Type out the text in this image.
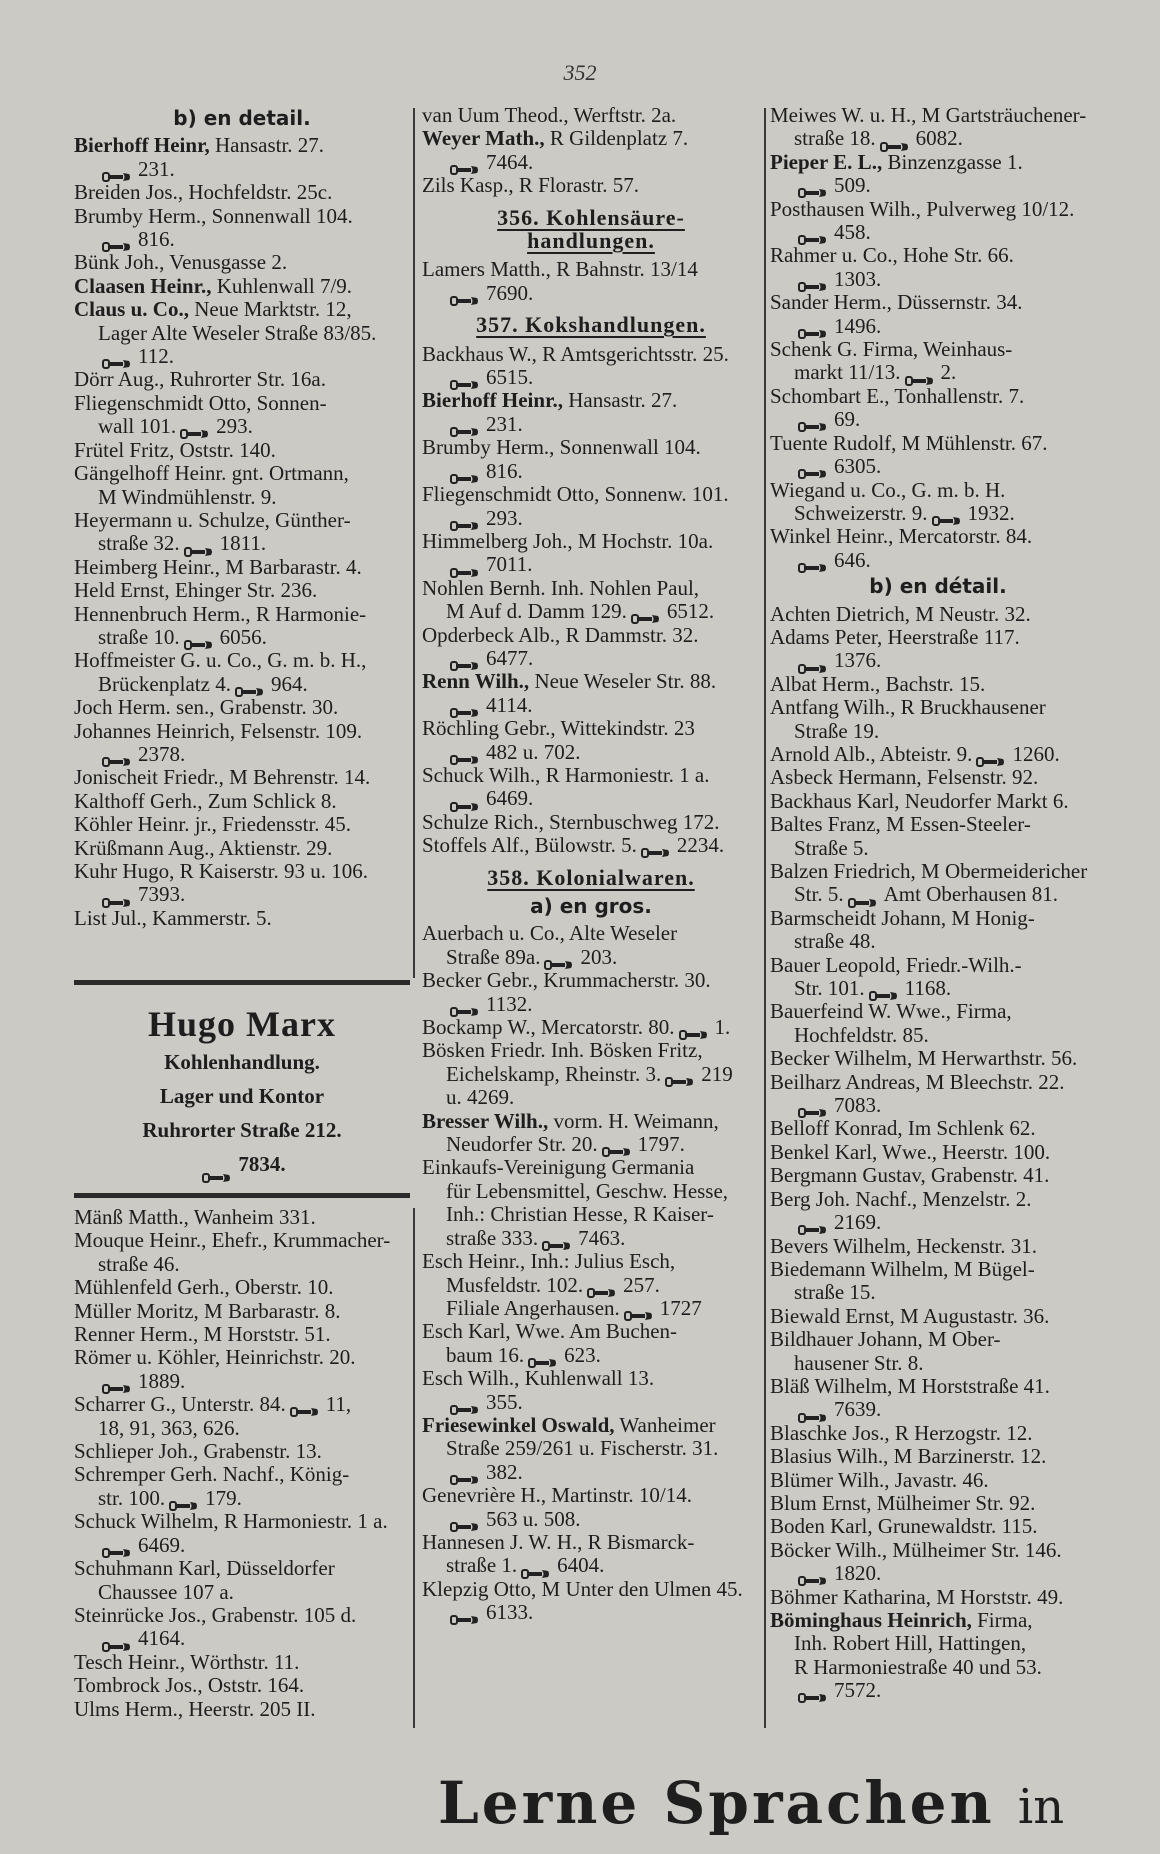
352
b) en detail.
Bierhoff Heinr, Hansastr. 27.
231.
Breiden Jos., Hochfeldstr. 25c.
Brumby Herm., Sonnenwall 104.
816.
Bünk Joh., Venusgasse 2.
Claasen Heinr., Kuhlenwall 7/9.
Claus u. Co., Neue Marktstr. 12,
Lager Alte Weseler Straße 83/85.
112.
Dörr Aug., Ruhrorter Str. 16a.
Fliegenschmidt Otto, Sonnen-
wall 101. 293.
Frütel Fritz, Oststr. 140.
Gängelhoff Heinr. gnt. Ortmann,
M Windmühlenstr. 9.
Heyermann u. Schulze, Günther-
straße 32. 1811.
Heimberg Heinr., M Barbarastr. 4.
Held Ernst, Ehinger Str. 236.
Hennenbruch Herm., R Harmonie-
straße 10. 6056.
Hoffmeister G. u. Co., G. m. b. H.,
Brückenplatz 4. 964.
Joch Herm. sen., Grabenstr. 30.
Johannes Heinrich, Felsenstr. 109.
2378.
Jonischeit Friedr., M Behrenstr. 14.
Kalthoff Gerh., Zum Schlick 8.
Köhler Heinr. jr., Friedensstr. 45.
Krüßmann Aug., Aktienstr. 29.
Kuhr Hugo, R Kaiserstr. 93 u. 106.
7393.
List Jul., Kammerstr. 5.
Hugo Marx
Kohlenhandlung.
Lager und Kontor
Ruhrorter Straße 212.
7834.
Mänß Matth., Wanheim 331.
Mouque Heinr., Ehefr., Krummacher-
straße 46.
Mühlenfeld Gerh., Oberstr. 10.
Müller Moritz, M Barbarastr. 8.
Renner Herm., M Horststr. 51.
Römer u. Köhler, Heinrichstr. 20.
1889.
Scharrer G., Unterstr. 84. 11,
18, 91, 363, 626.
Schlieper Joh., Grabenstr. 13.
Schremper Gerh. Nachf., König-
str. 100. 179.
Schuck Wilhelm, R Harmoniestr. 1 a.
6469.
Schuhmann Karl, Düsseldorfer
Chaussee 107 a.
Steinrücke Jos., Grabenstr. 105 d.
4164.
Tesch Heinr., Wörthstr. 11.
Tombrock Jos., Oststr. 164.
Ulms Herm., Heerstr. 205 II.
van Uum Theod., Werftstr. 2a.
Weyer Math., R Gildenplatz 7.
7464.
Zils Kasp., R Florastr. 57.
356. Kohlensäure-
handlungen.
Lamers Matth., R Bahnstr. 13/14
7690.
357. Kokshandlungen.
Backhaus W., R Amtsgerichtsstr. 25.
6515.
Bierhoff Heinr., Hansastr. 27.
231.
Brumby Herm., Sonnenwall 104.
816.
Fliegenschmidt Otto, Sonnenw. 101.
293.
Himmelberg Joh., M Hochstr. 10a.
7011.
Nohlen Bernh. Inh. Nohlen Paul,
M Auf d. Damm 129. 6512.
Opderbeck Alb., R Dammstr. 32.
6477.
Renn Wilh., Neue Weseler Str. 88.
4114.
Röchling Gebr., Wittekindstr. 23
482 u. 702.
Schuck Wilh., R Harmoniestr. 1 a.
6469.
Schulze Rich., Sternbuschweg 172.
Stoffels Alf., Bülowstr. 5. 2234.
358. Kolonialwaren.
a) en gros.
Auerbach u. Co., Alte Weseler
Straße 89a. 203.
Becker Gebr., Krummacherstr. 30.
1132.
Bockamp W., Mercatorstr. 80. 1.
Bösken Friedr. Inh. Bösken Fritz,
Eichelskamp, Rheinstr. 3. 219
u. 4269.
Bresser Wilh., vorm. H. Weimann,
Neudorfer Str. 20. 1797.
Einkaufs-Vereinigung Germania
für Lebensmittel, Geschw. Hesse,
Inh.: Christian Hesse, R Kaiser-
straße 333. 7463.
Esch Heinr., Inh.: Julius Esch,
Musfeldstr. 102. 257.
Filiale Angerhausen. 1727
Esch Karl, Wwe. Am Buchen-
baum 16. 623.
Esch Wilh., Kuhlenwall 13.
355.
Friesewinkel Oswald, Wanheimer
Straße 259/261 u. Fischerstr. 31.
382.
Genevrière H., Martinstr. 10/14.
563 u. 508.
Hannesen J. W. H., R Bismarck-
straße 1. 6404.
Klepzig Otto, M Unter den Ulmen 45.
6133.
Meiwes W. u. H., M Gartsträuchener-
straße 18. 6082.
Pieper E. L., Binzenzgasse 1.
509.
Posthausen Wilh., Pulverweg 10/12.
458.
Rahmer u. Co., Hohe Str. 66.
1303.
Sander Herm., Düssernstr. 34.
1496.
Schenk G. Firma, Weinhaus-
markt 11/13. 2.
Schombart E., Tonhallenstr. 7.
69.
Tuente Rudolf, M Mühlenstr. 67.
6305.
Wiegand u. Co., G. m. b. H.
Schweizerstr. 9. 1932.
Winkel Heinr., Mercatorstr. 84.
646.
b) en détail.
Achten Dietrich, M Neustr. 32.
Adams Peter, Heerstraße 117.
1376.
Albat Herm., Bachstr. 15.
Antfang Wilh., R Bruckhausener
Straße 19.
Arnold Alb., Abteistr. 9. 1260.
Asbeck Hermann, Felsenstr. 92.
Backhaus Karl, Neudorfer Markt 6.
Baltes Franz, M Essen-Steeler-
Straße 5.
Balzen Friedrich, M Obermeidericher
Str. 5. Amt Oberhausen 81.
Barmscheidt Johann, M Honig-
straße 48.
Bauer Leopold, Friedr.-Wilh.-
Str. 101. 1168.
Bauerfeind W. Wwe., Firma,
Hochfeldstr. 85.
Becker Wilhelm, M Herwarthstr. 56.
Beilharz Andreas, M Bleechstr. 22.
7083.
Belloff Konrad, Im Schlenk 62.
Benkel Karl, Wwe., Heerstr. 100.
Bergmann Gustav, Grabenstr. 41.
Berg Joh. Nachf., Menzelstr. 2.
2169.
Bevers Wilhelm, Heckenstr. 31.
Biedemann Wilhelm, M Bügel-
straße 15.
Biewald Ernst, M Augustastr. 36.
Bildhauer Johann, M Ober-
hausener Str. 8.
Bläß Wilhelm, M Horststraße 41.
7639.
Blaschke Jos., R Herzogstr. 12.
Blasius Wilh., M Barzinerstr. 12.
Blümer Wilh., Javastr. 46.
Blum Ernst, Mülheimer Str. 92.
Boden Karl, Grunewaldstr. 115.
Böcker Wilh., Mülheimer Str. 146.
1820.
Böhmer Katharina, M Horststr. 49.
Böminghaus Heinrich, Firma,
Inh. Robert Hill, Hattingen,
R Harmoniestraße 40 und 53.
7572.
Lerne Sprachen in
